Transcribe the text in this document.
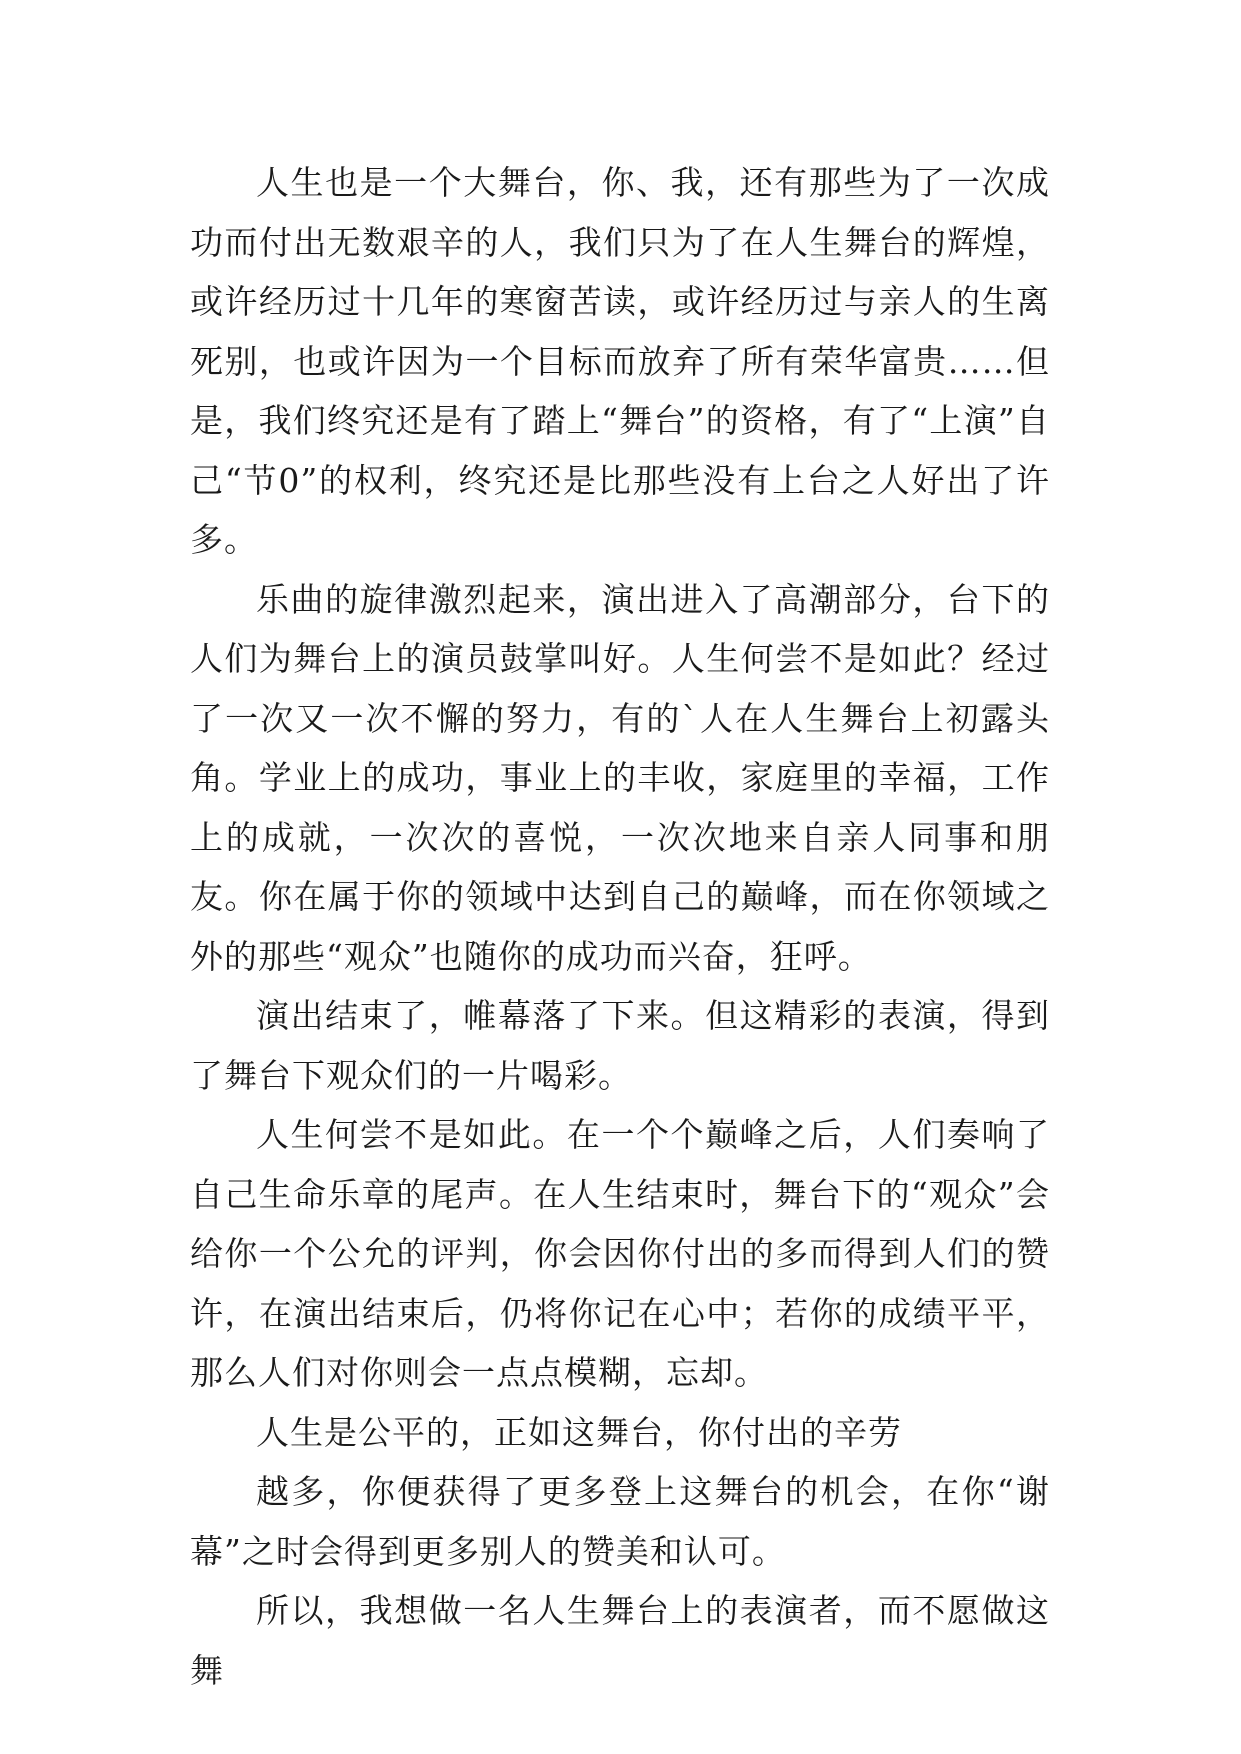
人生也是一个大舞台，你、我，还有那些为了一次成功而付出无数艰辛的人，我们只为了在人生舞台的辉煌，或许经历过十几年的寒窗苦读，或许经历过与亲人的生离死别，也或许因为一个目标而放弃了所有荣华富贵……但是，我们终究还是有了踏上“舞台”的资格，有了“上演”自己“节0”的权利，终究还是比那些没有上台之人好出了许多。

乐曲的旋律激烈起来，演出进入了高潮部分，台下的人们为舞台上的演员鼓掌叫好。人生何尝不是如此？经过了一次又一次不懈的努力，有的`人在人生舞台上初露头角。学业上的成功，事业上的丰收，家庭里的幸福，工作上的成就，一次次的喜悦，一次次地来自亲人同事和朋友。你在属于你的领域中达到自己的巅峰，而在你领域之外的那些“观众”也随你的成功而兴奋，狂呼。

演出结束了，帷幕落了下来。但这精彩的表演，得到了舞台下观众们的一片喝彩。

人生何尝不是如此。在一个个巅峰之后，人们奏响了自己生命乐章的尾声。在人生结束时，舞台下的“观众”会给你一个公允的评判，你会因你付出的多而得到人们的赞许，在演出结束后，仍将你记在心中；若你的成绩平平，那么人们对你则会一点点模糊，忘却。

人生是公平的，正如这舞台，你付出的辛劳

越多，你便获得了更多登上这舞台的机会，在你“谢幕”之时会得到更多别人的赞美和认可。

所以，我想做一名人生舞台上的表演者，而不愿做这舞
